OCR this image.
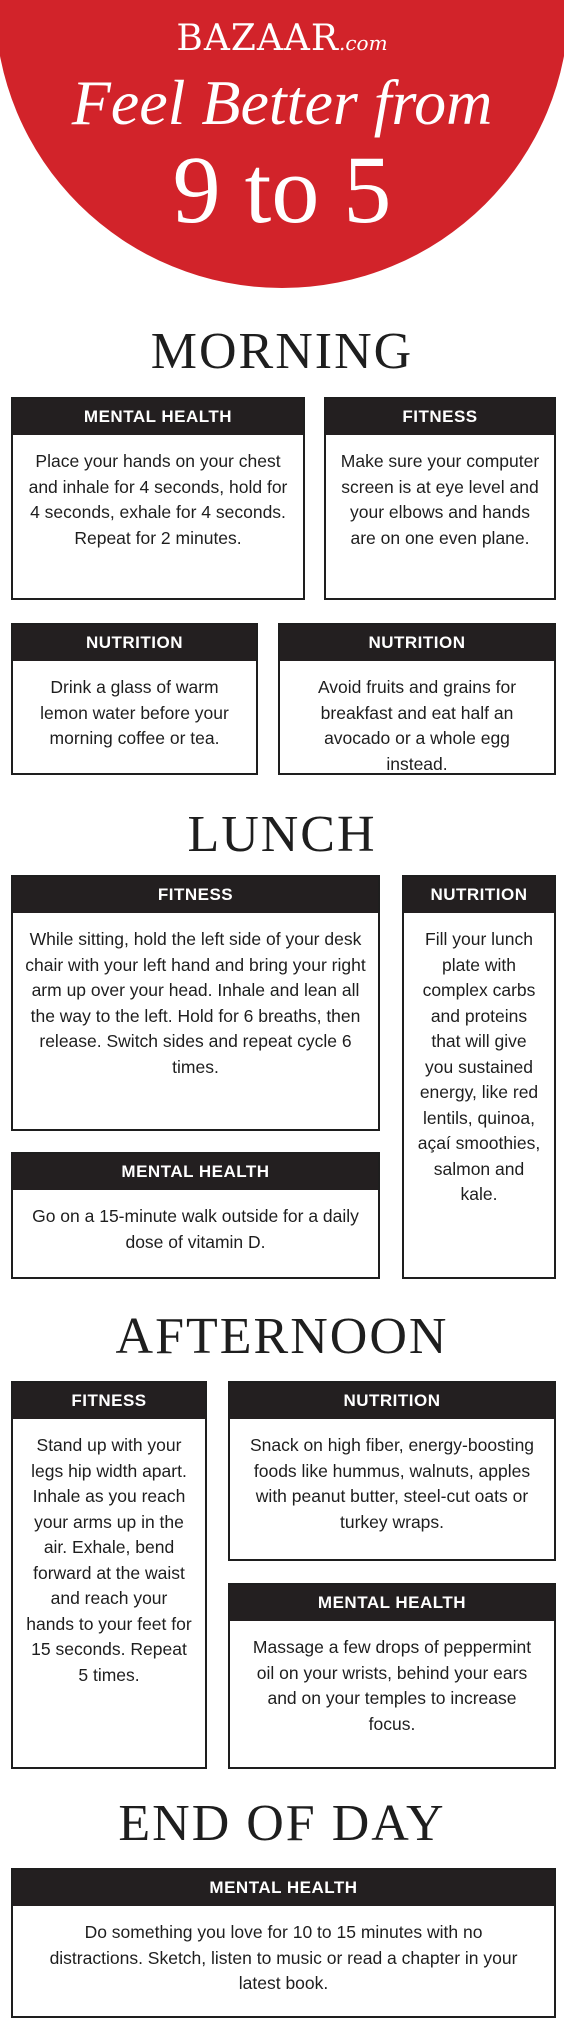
BAZAAR.com
Feel Better from
9 to 5
MORNING
MENTAL HEALTH
Place your hands on your chest and inhale for 4 seconds, hold for 4 seconds, exhale for 4 seconds. Repeat for 2 minutes.
FITNESS
Make sure your computer screen is at eye level and your elbows and hands are on one even plane.
NUTRITION
Drink a glass of warm lemon water before your morning coffee or tea.
NUTRITION
Avoid fruits and grains for breakfast and eat half an avocado or a whole egg instead.
LUNCH
FITNESS
While sitting, hold the left side of your desk chair with your left hand and bring your right arm up over your head. Inhale and lean all the way to the left. Hold for 6 breaths, then release. Switch sides and repeat cycle 6 times.
NUTRITION
Fill your lunch plate with complex carbs and proteins that will give you sustained energy, like red lentils, quinoa, açaí smoothies, salmon and kale.
MENTAL HEALTH
Go on a 15-minute walk outside for a daily dose of vitamin D.
AFTERNOON
FITNESS
Stand up with your legs hip width apart. Inhale as you reach your arms up in the air. Exhale, bend forward at the waist and reach your hands to your feet for 15 seconds. Repeat 5 times.
NUTRITION
Snack on high fiber, energy-boosting foods like hummus, walnuts, apples with peanut butter, steel-cut oats or turkey wraps.
MENTAL HEALTH
Massage a few drops of peppermint oil on your wrists, behind your ears and on your temples to increase focus.
END OF DAY
MENTAL HEALTH
Do something you love for 10 to 15 minutes with no distractions. Sketch, listen to music or read a chapter in your latest book.
